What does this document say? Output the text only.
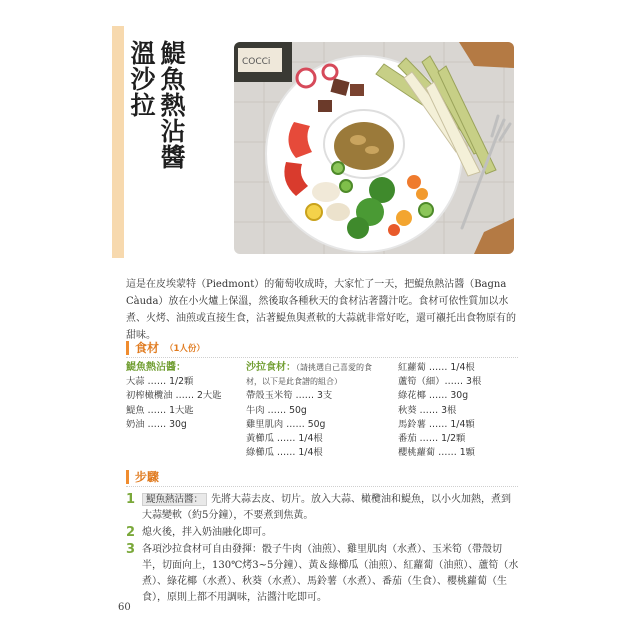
鯷魚熱沾醬
溫沙拉	COCCi
這是在皮埃蒙特（Piedmont）的葡萄收成時，大家忙了一天，把鯷魚熱沾醬（Bagna Càuda）放在小火爐上保溫，然後取各種秋天的食材沾著醬汁吃。食材可依性質加以水煮、火烤、油煎或直接生食，沾著鯷魚與煮軟的大蒜就非常好吃，還可襯托出食物原有的甜味。
食材 （1人份）
鯷魚熱沾醬：
大蒜 …… 1/2顆
初榨橄欖油 …… 2大匙
鯷魚 …… 1大匙
奶油 …… 30g
沙拉食材：（請挑選自己喜愛的食材，以下是此食譜的組合）
帶殼玉米筍 …… 3支
牛肉 …… 50g
雞里肌肉 …… 50g
黃櫛瓜 …… 1/4根
綠櫛瓜 …… 1/4根
紅蘿蔔 …… 1/4根
蘆筍（細）…… 3根
綠花椰 …… 30g
秋葵 …… 3根
馬鈴薯 …… 1/4顆
番茄 …… 1/2顆
櫻桃蘿蔔 …… 1顆
步驟
1	鯷魚熱沾醬： 先將大蒜去皮、切片。放入大蒜、橄欖油和鯷魚，以小火加熱，煮到大蒜變軟（約5分鐘），不要煮到焦黃。
2 熄火後，拌入奶油融化即可。
3 各項沙拉食材可自由發揮：骰子牛肉（油煎）、雞里肌肉（水煮）、玉米筍（帶殼切半，切面向上，130℃烤3~5分鐘）、黃＆綠櫛瓜（油煎）、紅蘿蔔（油煎）、蘆筍（水煮）、綠花椰（水煮）、秋葵（水煮）、馬鈴薯（水煮）、番茄（生食）、櫻桃蘿蔔（生食），原則上都不用調味，沾醬汁吃即可。
60
